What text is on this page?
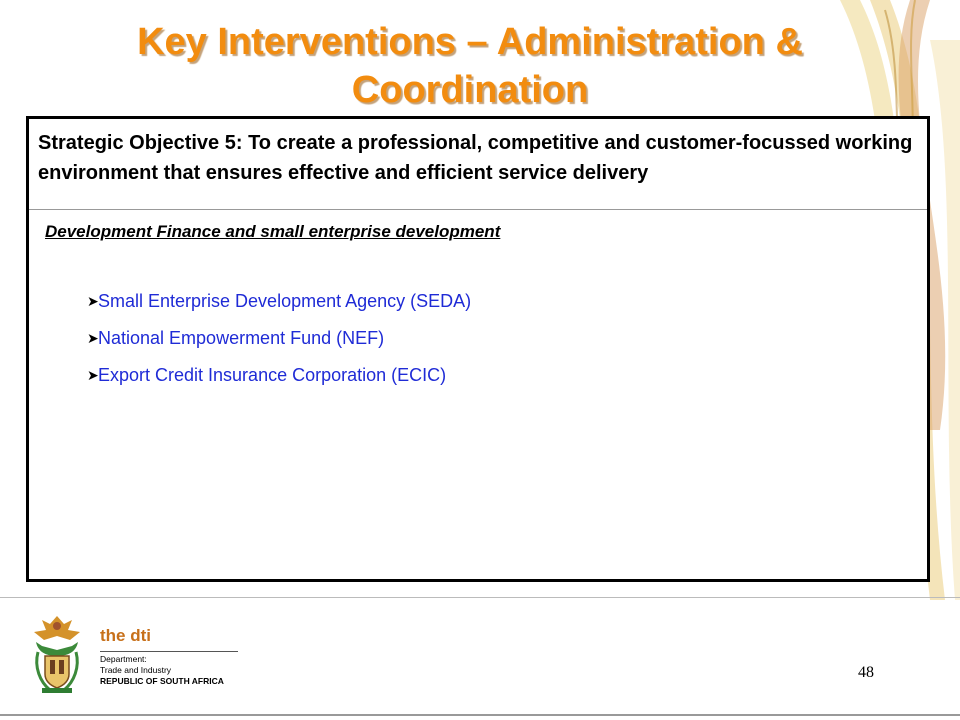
Key Interventions – Administration &
Coordination
Strategic Objective 5: To create a professional, competitive and customer-focussed working environment that ensures effective and efficient service delivery
Development Finance and small enterprise development
➤ Small Enterprise Development Agency (SEDA)
➤ National Empowerment Fund (NEF)
➤ Export Credit Insurance Corporation (ECIC)
the dti
Department:
Trade and Industry
REPUBLIC OF SOUTH AFRICA	48
